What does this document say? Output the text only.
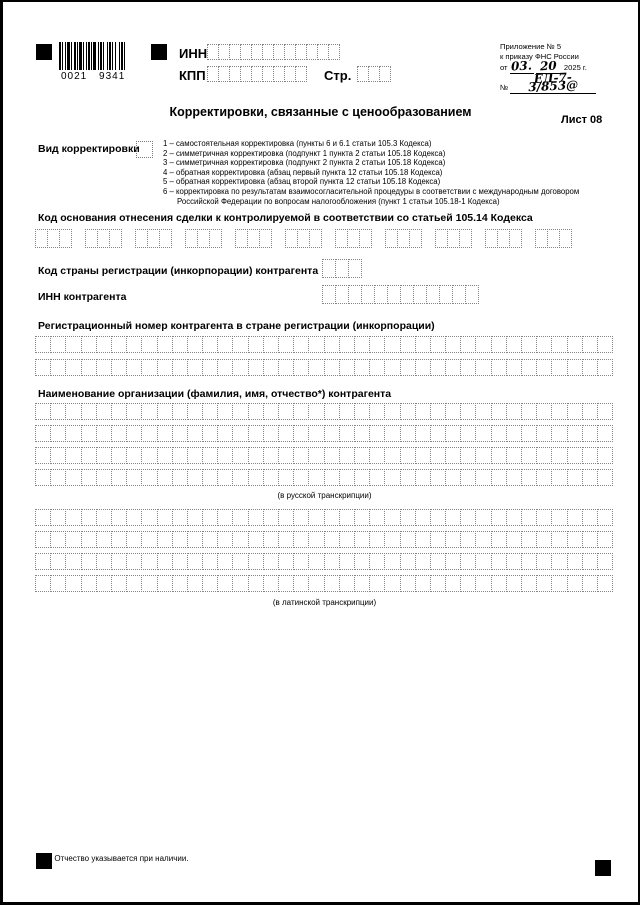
0021 9341
ИНН
КПП	Стр.
Приложение № 5
к приказу ФНС России
от 03. 20 2025 г.
№ ЕД-7-3/853@
Корректировки, связанные с ценообразованием
Лист 08
Вид корректировки	1 – самостоятельная корректировка (пункты 6 и 6.1 статьи 105.3 Кодекса)
2 – симметричная корректировка (подпункт 1 пункта 2 статьи 105.18 Кодекса)
3 – симметричная корректировка (подпункт 2 пункта 2 статьи 105.18 Кодекса)
4 – обратная корректировка (абзац первый пункта 12 статьи 105.18 Кодекса)
5 – обратная корректировка (абзац второй пункта 12 статьи 105.18 Кодекса)
6 – корректировка по результатам взаимосогласительной процедуры в соответствии с международным договором Российской Федерации по вопросам налогообложения (пункт 1 статьи 105.18-1 Кодекса)
Код основания отнесения сделки к контролируемой в соответствии со статьей 105.14 Кодекса
Код страны регистрации (инкорпорации) контрагента
ИНН контрагента
Регистрационный номер контрагента в стране регистрации (инкорпорации)
Наименование организации (фамилия, имя, отчество*) контрагента
(в русской транскрипции)
(в латинской транскрипции)
* Отчество указывается при наличии.
